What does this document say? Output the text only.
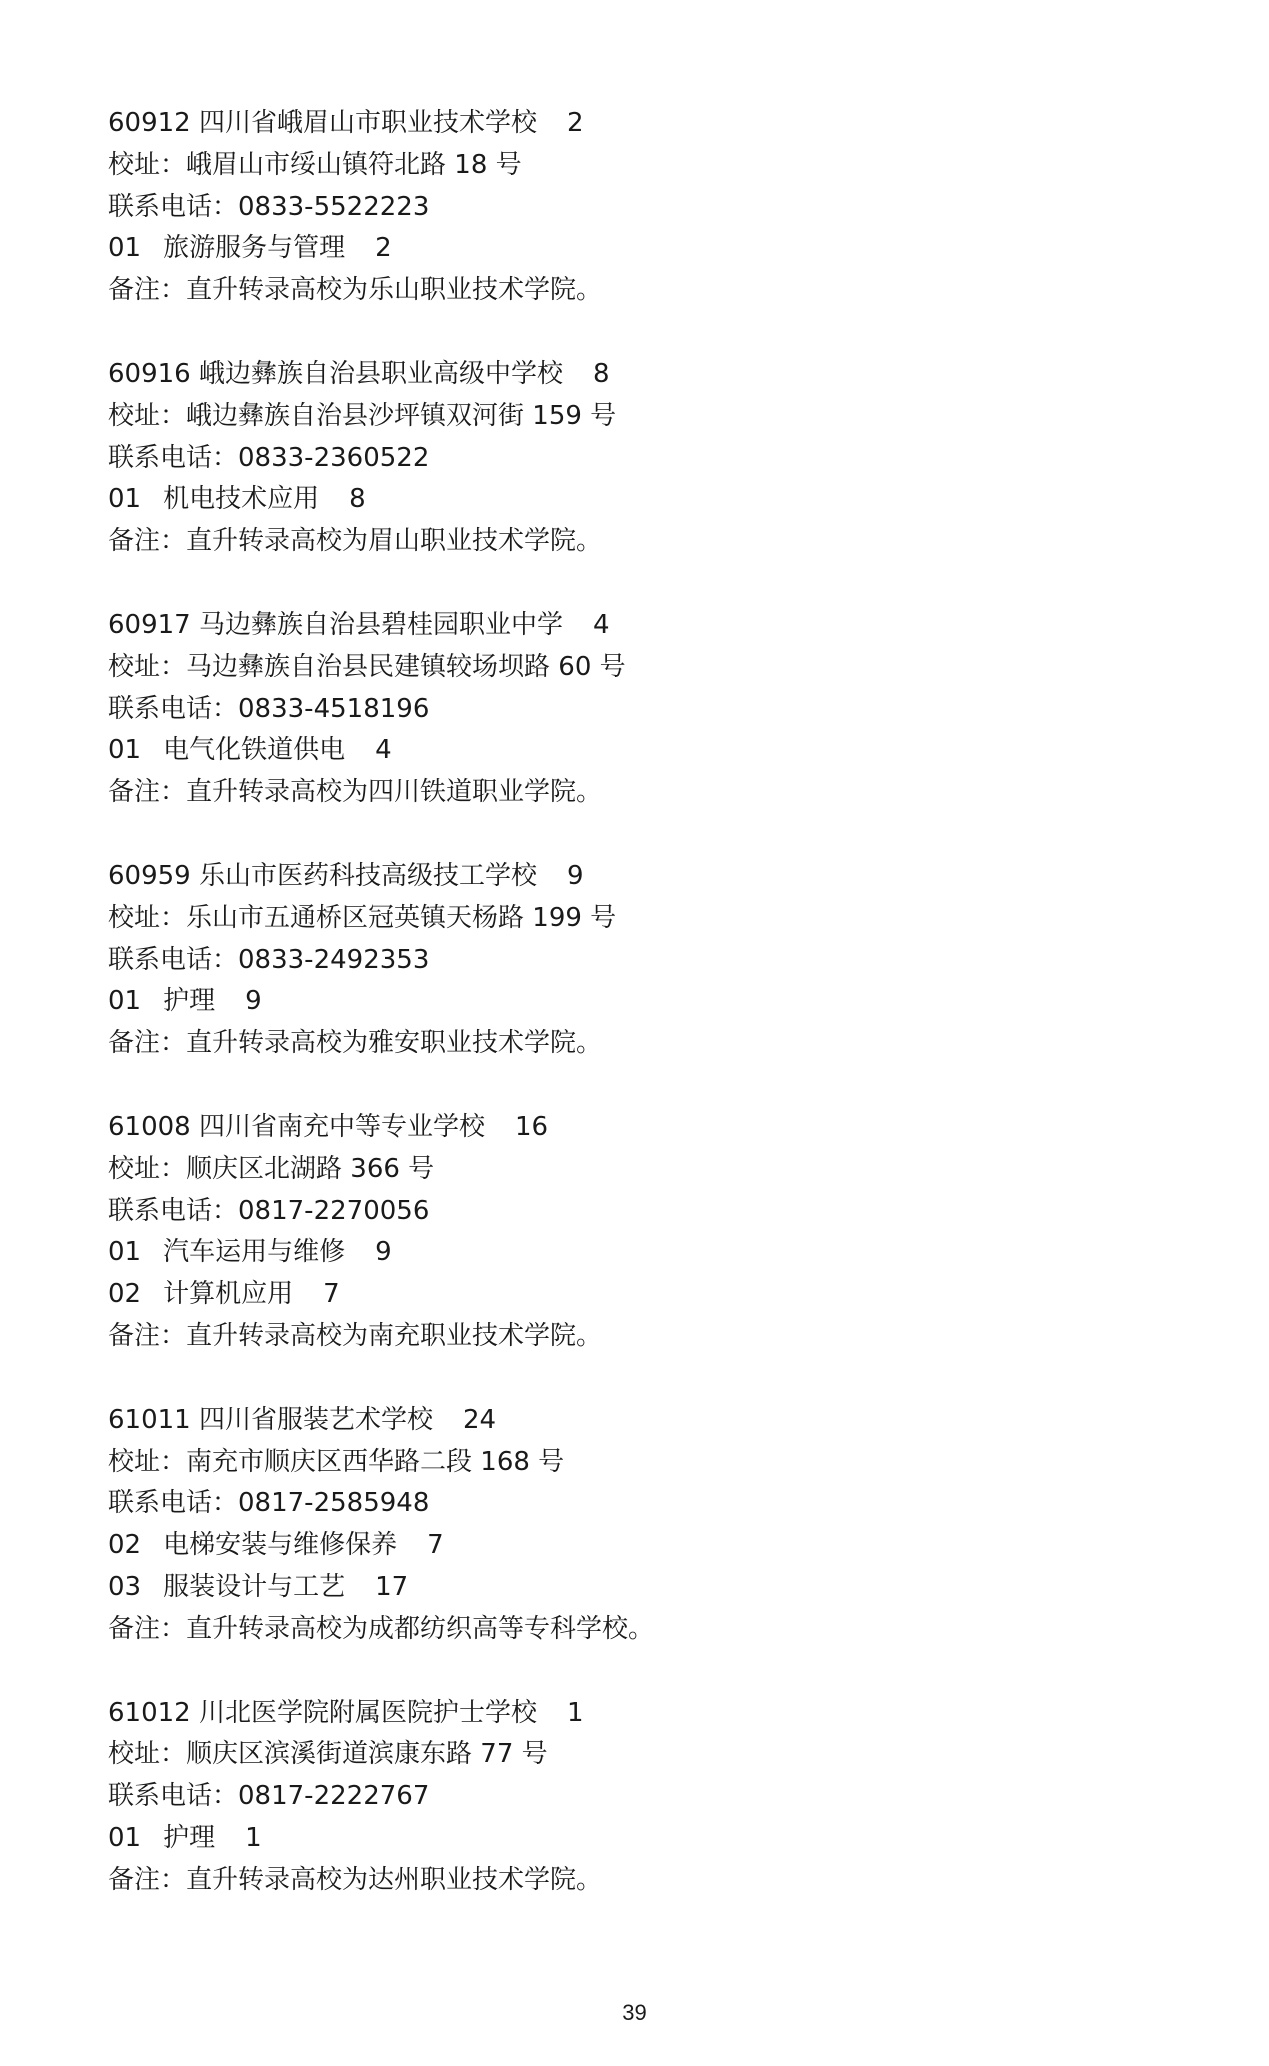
60912 四川省峨眉山市职业技术学校 2
校址：峨眉山市绥山镇符北路 18 号
联系电话：0833-5522223
01 旅游服务与管理 2
备注：直升转录高校为乐山职业技术学院。
60916 峨边彝族自治县职业高级中学校 8
校址：峨边彝族自治县沙坪镇双河街 159 号
联系电话：0833-2360522
01 机电技术应用 8
备注：直升转录高校为眉山职业技术学院。
60917 马边彝族自治县碧桂园职业中学 4
校址：马边彝族自治县民建镇较场坝路 60 号
联系电话：0833-4518196
01 电气化铁道供电 4
备注：直升转录高校为四川铁道职业学院。
60959 乐山市医药科技高级技工学校 9
校址：乐山市五通桥区冠英镇天杨路 199 号
联系电话：0833-2492353
01 护理 9
备注：直升转录高校为雅安职业技术学院。
61008 四川省南充中等专业学校 16
校址：顺庆区北湖路 366 号
联系电话：0817-2270056
01 汽车运用与维修 9
02 计算机应用 7
备注：直升转录高校为南充职业技术学院。
61011 四川省服装艺术学校 24
校址：南充市顺庆区西华路二段 168 号
联系电话：0817-2585948
02 电梯安装与维修保养 7
03 服装设计与工艺 17
备注：直升转录高校为成都纺织高等专科学校。
61012 川北医学院附属医院护士学校 1
校址：顺庆区滨溪街道滨康东路 77 号
联系电话：0817-2222767
01 护理 1
备注：直升转录高校为达州职业技术学院。
39
